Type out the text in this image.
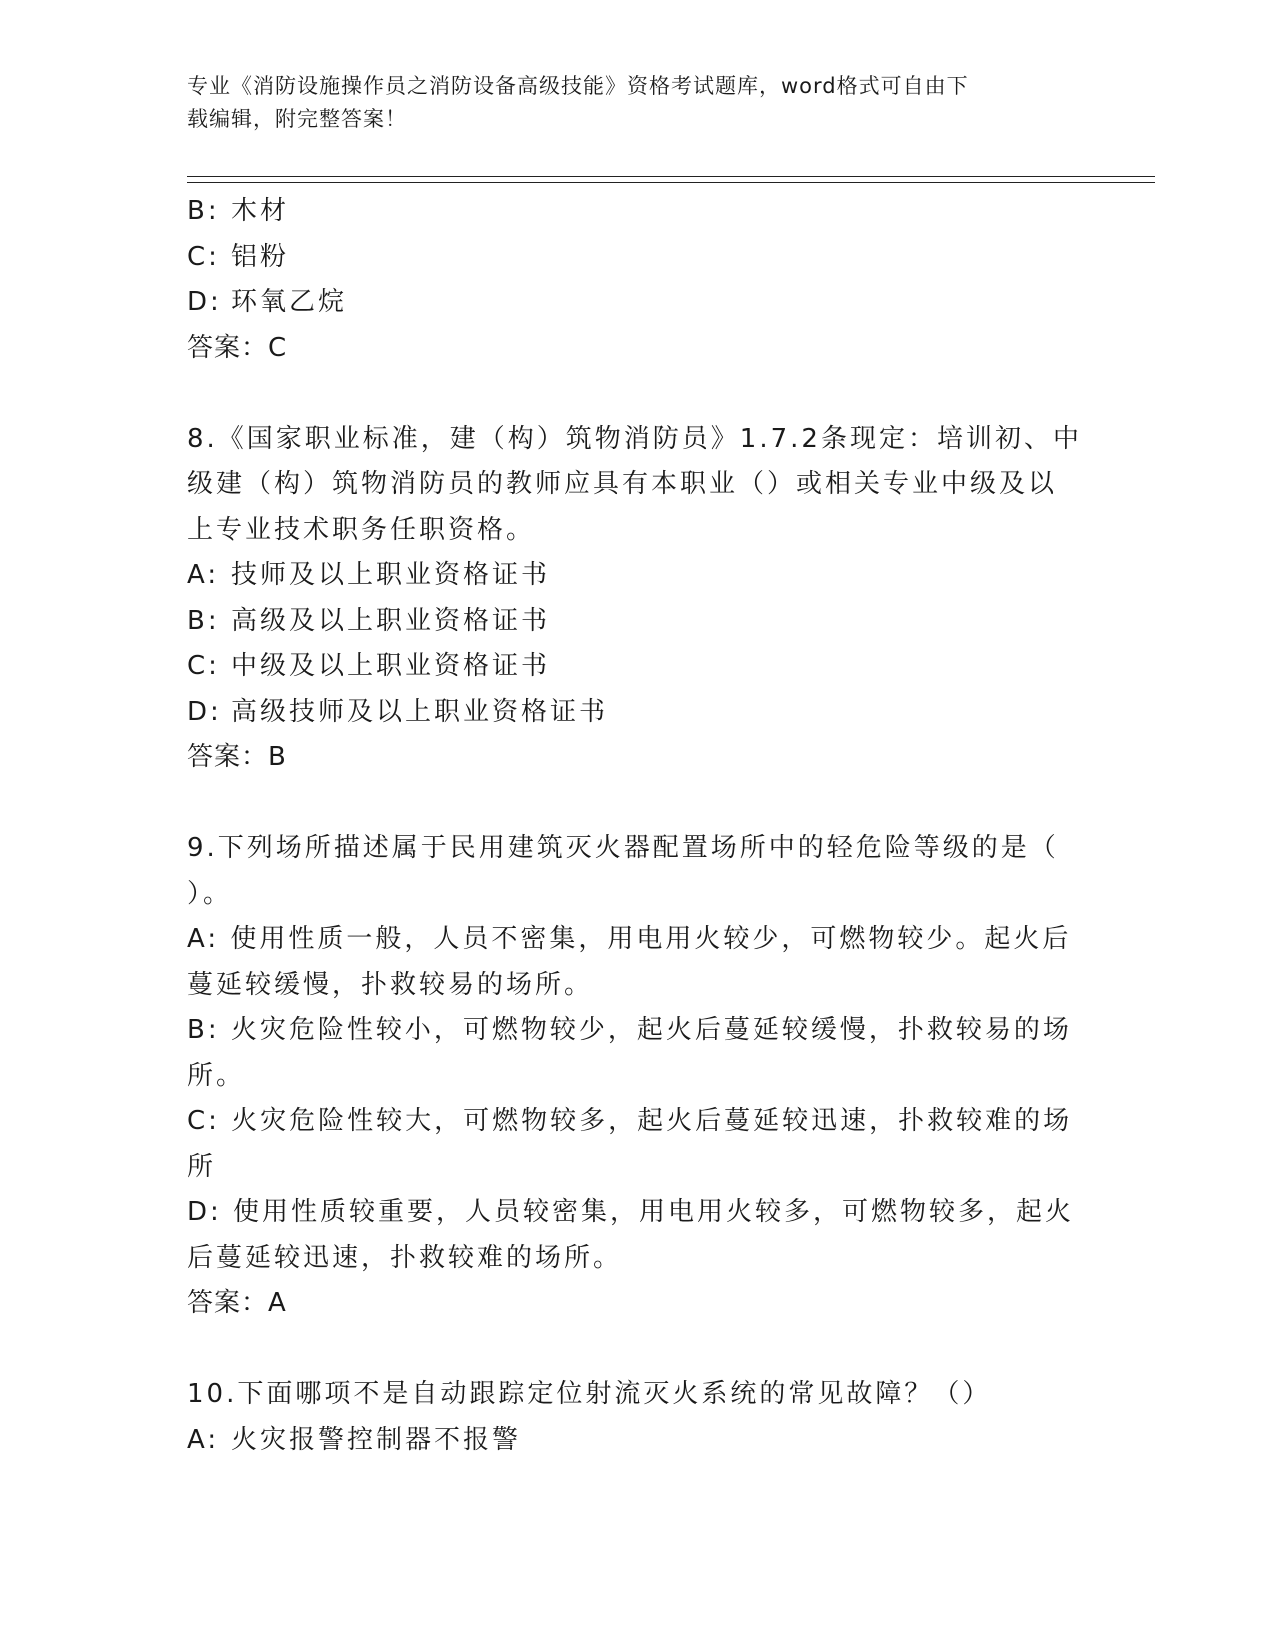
专业《消防设施操作员之消防设备高级技能》资格考试题库，word格式可自由下
载编辑，附完整答案！
B: 木材
C: 铝粉
D: 环氧乙烷
答案：C
8.《国家职业标准，建（构）筑物消防员》1.7.2条现定：培训初、中
级建（构）筑物消防员的教师应具有本职业（）或相关专业中级及以
上专业技术职务任职资格。
A: 技师及以上职业资格证书
B: 高级及以上职业资格证书
C: 中级及以上职业资格证书
D: 高级技师及以上职业资格证书
答案：B
9.下列场所描述属于民用建筑灭火器配置场所中的轻危险等级的是（
）。
A: 使用性质一般，人员不密集，用电用火较少，可燃物较少。起火后
蔓延较缓慢，扑救较易的场所。
B: 火灾危险性较小，可燃物较少，起火后蔓延较缓慢，扑救较易的场
所。
C: 火灾危险性较大，可燃物较多，起火后蔓延较迅速，扑救较难的场
所
D: 使用性质较重要，人员较密集，用电用火较多，可燃物较多，起火
后蔓延较迅速，扑救较难的场所。
答案：A
10.下面哪项不是自动跟踪定位射流灭火系统的常见故障？（）
A: 火灾报警控制器不报警
